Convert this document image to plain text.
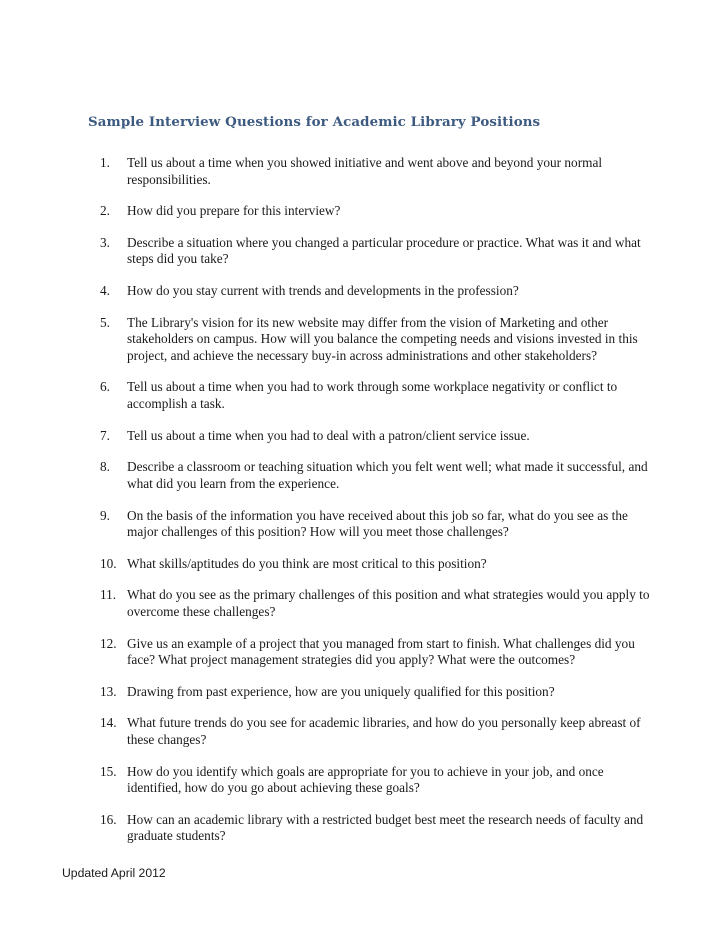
Sample Interview Questions for Academic Library Positions
1.	Tell us about a time when you showed initiative and went above and beyond your normal responsibilities.
2.	How did you prepare for this interview?
3.	Describe a situation where you changed a particular procedure or practice. What was it and what steps did you take?
4.	How do you stay current with trends and developments in the profession?
5.	The Library's vision for its new website may differ from the vision of Marketing and other stakeholders on campus. How will you balance the competing needs and visions invested in this project, and achieve the necessary buy-in across administrations and other stakeholders?
6.	Tell us about a time when you had to work through some workplace negativity or conflict to accomplish a task.
7.	Tell us about a time when you had to deal with a patron/client service issue.
8.	Describe a classroom or teaching situation which you felt went well; what made it successful, and what did you learn from the experience.
9.	On the basis of the information you have received about this job so far, what do you see as the major challenges of this position? How will you meet those challenges?
10. What skills/aptitudes do you think are most critical to this position?
11. What do you see as the primary challenges of this position and what strategies would you apply to overcome these challenges?
12. Give us an example of a project that you managed from start to finish. What challenges did you face? What project management strategies did you apply? What were the outcomes?
13. Drawing from past experience, how are you uniquely qualified for this position?
14. What future trends do you see for academic libraries, and how do you personally keep abreast of these changes?
15. How do you identify which goals are appropriate for you to achieve in your job, and once identified, how do you go about achieving these goals?
16. How can an academic library with a restricted budget best meet the research needs of faculty and graduate students?
Updated April 2012
